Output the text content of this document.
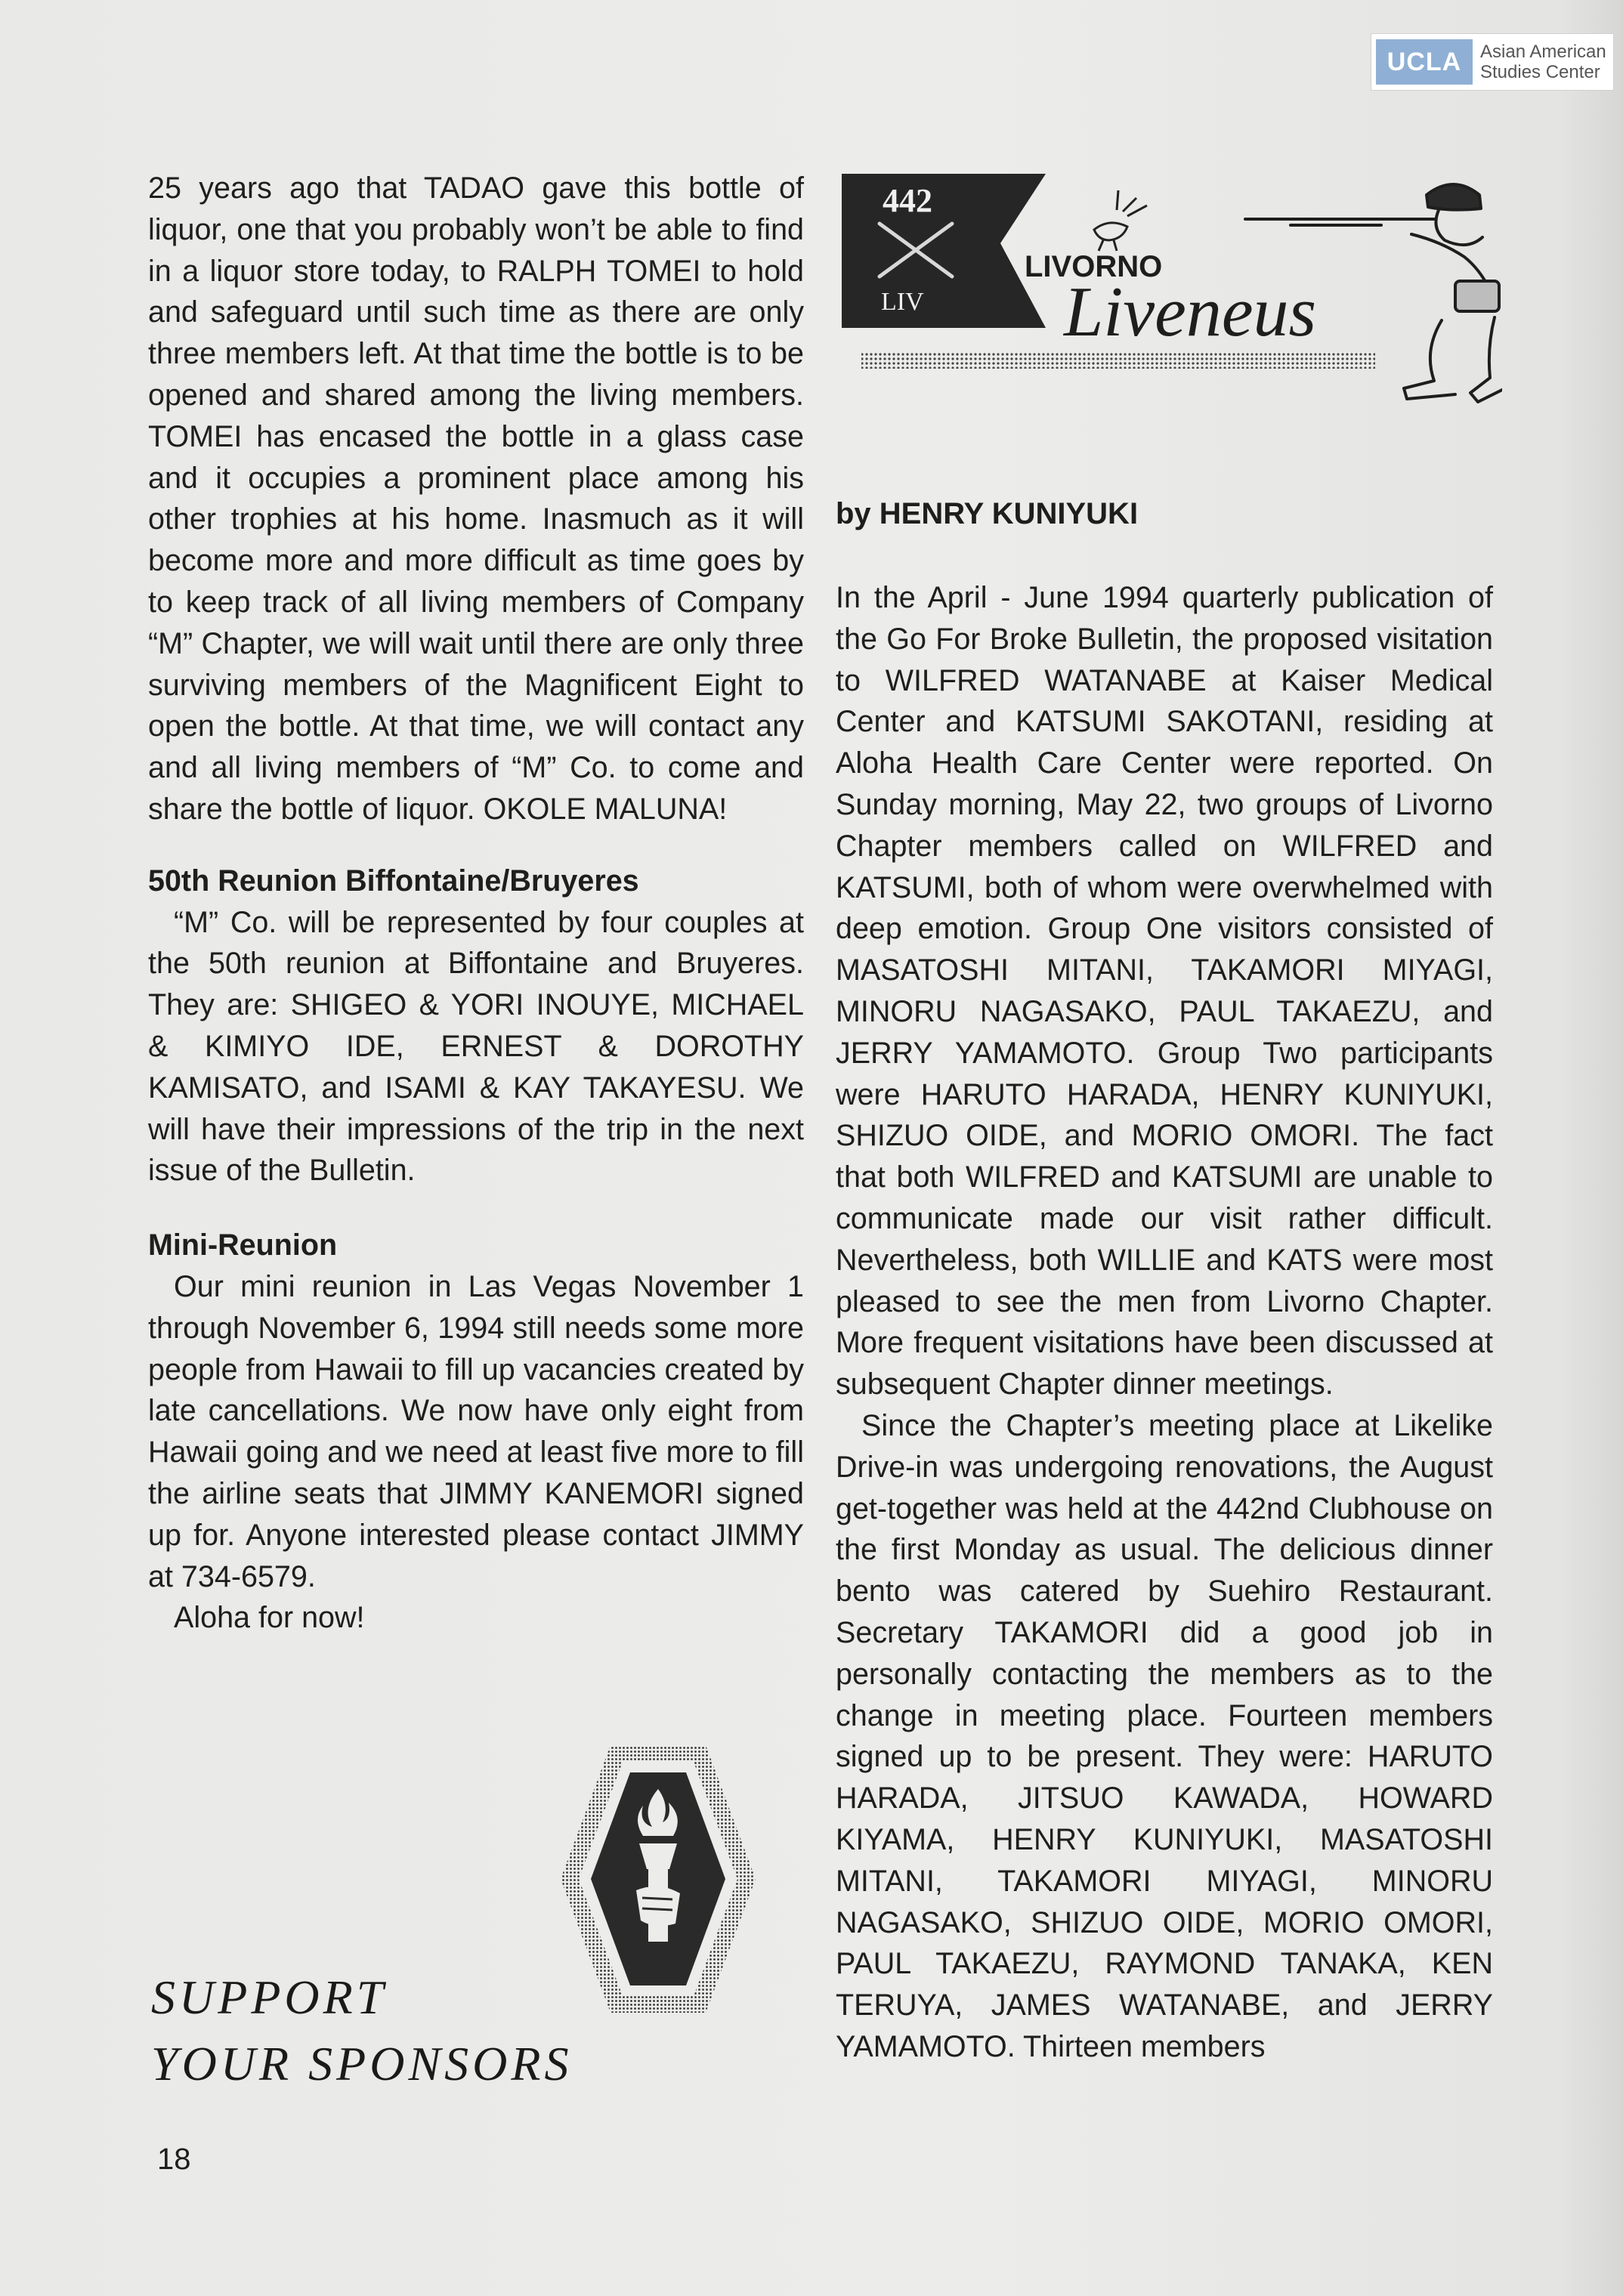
UCLA	Asian American
Studies Center

25 years ago that TADAO gave this bottle of liquor, one that you probably won’t be able to find in a liquor store today, to RALPH TOMEI to hold and safeguard until such time as there are only three members left. At that time the bottle is to be opened and shared among the living members. TOMEI has encased the bottle in a glass case and it occupies a prominent place among his other trophies at his home. Inasmuch as it will become more and more difficult as time goes by to keep track of all living members of Company “M” Chapter, we will wait until there are only three surviving members of the Magnificent Eight to open the bottle. At that time, we will contact any and all living members of “M” Co. to come and share the bottle of liquor. OKOLE MALUNA!

50th Reunion Biffontaine/Bruyeres

“M” Co. will be represented by four couples at the 50th reunion at Biffontaine and Bruyeres. They are: SHIGEO & YORI INOUYE, MICHAEL & KIMIYO IDE, ERNEST & DOROTHY KAMISATO, and ISAMI & KAY TAKAYESU. We will have their impressions of the trip in the next issue of the Bulletin.

Mini-Reunion

Our mini reunion in Las Vegas November 1 through November 6, 1994 still needs some more people from Hawaii to fill up vacancies created by late cancellations. We now have only eight from Hawaii going and we need at least five more to fill the airline seats that JIMMY KANEMORI signed up for. Anyone interested please contact JIMMY at 734-6579.

Aloha for now!

442
LIV
LIVORNO
Liveneus
by HENRY KUNIYUKI

In the April - June 1994 quarterly publication of the Go For Broke Bulletin, the proposed visitation to WILFRED WATANABE at Kaiser Medical Center and KATSUMI SAKOTANI, residing at Aloha Health Care Center were reported. On Sunday morning, May 22, two groups of Livorno Chapter members called on WILFRED and KATSUMI, both of whom were overwhelmed with deep emotion. Group One visitors consisted of MASATOSHI MITANI, TAKAMORI MIYAGI, MINORU NAGASAKO, PAUL TAKAEZU, and JERRY YAMAMOTO. Group Two participants were HARUTO HARADA, HENRY KUNIYUKI, SHIZUO OIDE, and MORIO OMORI. The fact that both WILFRED and KATSUMI are unable to communicate made our visit rather difficult. Nevertheless, both WILLIE and KATS were most pleased to see the men from Livorno Chapter. More frequent visitations have been discussed at subsequent Chapter dinner meetings.

Since the Chapter’s meeting place at Likelike Drive-in was undergoing renovations, the August get-together was held at the 442nd Clubhouse on the first Monday as usual. The delicious dinner bento was catered by Suehiro Restaurant. Secretary TAKAMORI did a good job in personally contacting the members as to the change in meeting place. Fourteen members signed up to be present. They were: HARUTO HARADA, JITSUO KAWADA, HOWARD KIYAMA, HENRY KUNIYUKI, MASATOSHI MITANI, TAKAMORI MIYAGI, MINORU NAGASAKO, SHIZUO OIDE, MORIO OMORI, PAUL TAKAEZU, RAYMOND TANAKA, KEN TERUYA, JAMES WATANABE, and JERRY YAMAMOTO. Thirteen members

SUPPORT
YOUR SPONSORS
18
